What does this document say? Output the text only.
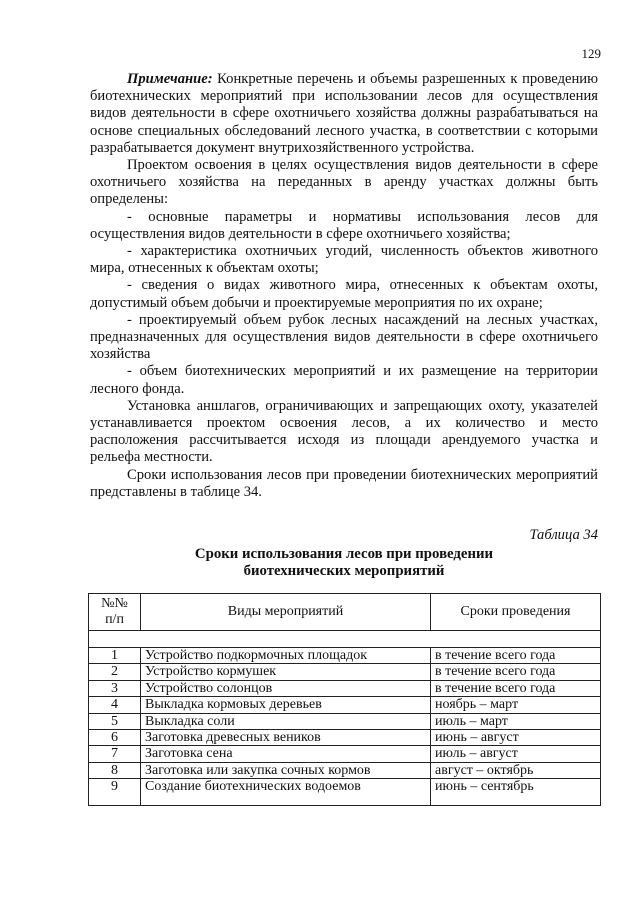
129

Примечание: Конкретные перечень и объемы разрешенных к проведению биотехнических мероприятий при использовании лесов для осуществления видов деятельности в сфере охотничьего хозяйства должны разрабатываться на основе специальных обследований лесного участка, в соответствии с которыми разрабатывается документ внутрихозяйственного устройства.

Проектом освоения в целях осуществления видов деятельности в сфере охотничьего хозяйства на переданных в аренду участках должны быть определены:

- основные параметры и нормативы использования лесов для осуществления видов деятельности в сфере охотничьего хозяйства;

- характеристика охотничьих угодий, численность объектов животного мира, отнесенных к объектам охоты;

- сведения о видах животного мира, отнесенных к объектам охоты, допустимый объем добычи и проектируемые мероприятия по их охране;

- проектируемый объем рубок лесных насаждений на лесных участках, предназначенных для осуществления видов деятельности в сфере охотничьего хозяйства

- объем биотехнических мероприятий и их размещение на территории лесного фонда.

Установка аншлагов, ограничивающих и запрещающих охоту, указателей устанавливается проектом освоения лесов, а их количество и место расположения рассчитывается исходя из площади арендуемого участка и рельефа местности.

Сроки использования лесов при проведении биотехнических мероприятий представлены в таблице 34.

Таблица 34
Сроки использования лесов при проведении
биотехнических мероприятий
№№
п/п	Виды мероприятий	Сроки проведения

1	Устройство подкормочных площадок	в течение всего года
2	Устройство кормушек	в течение всего года
3	Устройство солонцов	в течение всего года
4	Выкладка кормовых деревьев	ноябрь – март
5	Выкладка соли	июль – март
6	Заготовка древесных веников	июнь – август
7	Заготовка сена	июль – август
8	Заготовка или закупка сочных кормов	август – октябрь
9	Создание биотехнических водоемов	июнь – сентябрь
